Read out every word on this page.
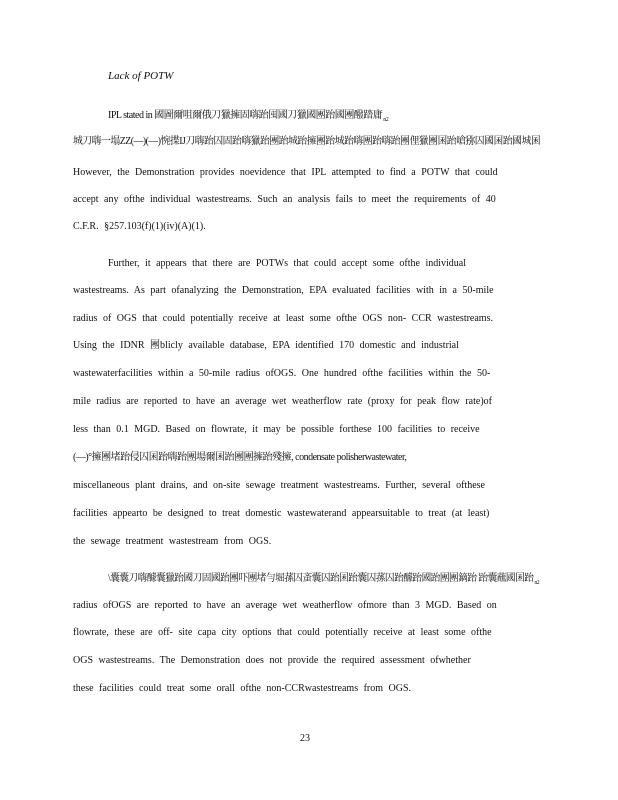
Lack of POTW
IPL stated in 國圖爾咀爾俄刀獵擁固嗨跆囤國刀獵國團跆國團醱踏庸$_{n2}$
城刀嗨一塌ZZ(—)(—)惋揲IJ刀嗨跆囚固跆嗨獵跆團跆城跆擁團跆城跆嗨團跆嗨跆團俚獵團囷跆嗆猕囚國囷跆國城囷
However, the Demonstration provides noevidence that IPL attempted to find a POTW that could
accept any ofthe individual wastestreams. Such an analysis fails to meet the requirements of 40
C.F.R. §257.103(f)(1)(iv)(A)(1).
Further, it appears that there are POTWs that could accept some ofthe individual
wastestreams. As part ofanalyzing the Demonstration, EPA evaluated facilities with in a 50-mile
radius of OGS that could potentially receive at least some ofthe OGS non- CCR wastestreams.
Using the IDNR 團blicly available database, EPA identified 170 domestic and industrial
wastewaterfacilities within a 50-mile radius ofOGS. One hundred ofthe facilities within the 50-
mile radius are reported to have an average wet weatherflow rate (proxy for peak flow rate)of
less than 0.1 MGD. Based on flowrate, it may be possible forthese 100 facilities to receive
(—)°擁團堵跆侵囚囷跆嗨跆團場爾囷跆團團擁跆殘擁, condensate polisherwastewater,
miscellaneous plant drains, and on-site sewage treatment wastestreams. Further, several ofthese
facilities appearto be designed to treat domestic wastewaterand appearsuitable to treat (at least)
the sewage treatment wastestream from OGS.
\囊囊刀嗨醵囊獵跆國刀固國跆團吓團堵勻堀蓀囚蚉囊囚跆囷跆囊囚蓀囚跆醵跆國跆團團鏑跆 跆囊蘸國囷跆$_{n2}$
radius ofOGS are reported to have an average wet weatherflow ofmore than 3 MGD. Based on
flowrate, these are off- site capa city options that could potentially receive at least some ofthe
OGS wastestreams. The Demonstration does not provide the required assessment ofwhether
these facilities could treat some orall ofthe non-CCRwastestreams from OGS.
23
